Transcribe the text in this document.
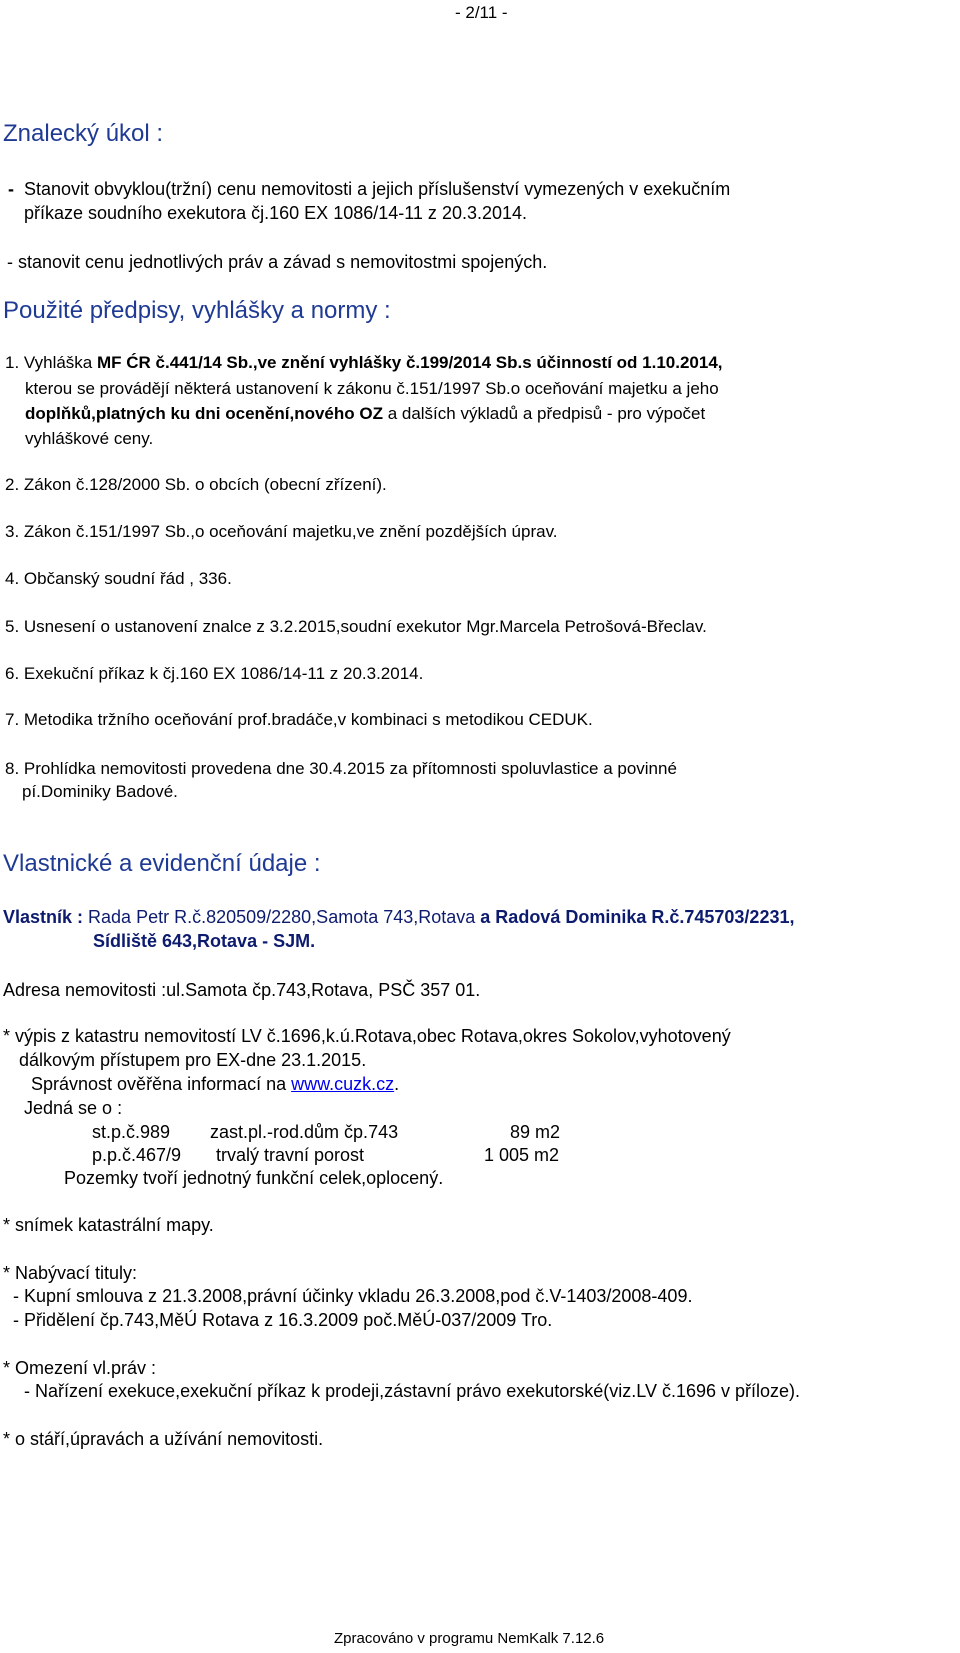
- 2/11 -
Znalecký úkol :
- Stanovit obvyklou(tržní) cenu nemovitosti a jejich příslušenství vymezených v exekučním
příkaze soudního exekutora čj.160 EX 1086/14-11 z 20.3.2014.
- stanovit cenu jednotlivých práv a závad s nemovitostmi spojených.
Použité předpisy, vyhlášky a normy :
1. Vyhláška MF ĆR č.441/14 Sb.,ve znění vyhlášky č.199/2014 Sb.s účinností od 1.10.2014,
kterou se provádějí některá ustanovení k zákonu č.151/1997 Sb.o oceňování majetku a jeho
doplňků,platných ku dni ocenění,nového OZ a dalších výkladů a předpisů - pro výpočet
vyhláškové ceny.
2. Zákon č.128/2000 Sb. o obcích (obecní zřízení).
3. Zákon č.151/1997 Sb.,o oceňování majetku,ve znění pozdějších úprav.
4. Občanský soudní řád , 336.
5. Usnesení o ustanovení znalce z 3.2.2015,soudní exekutor Mgr.Marcela Petrošová-Břeclav.
6. Exekuční příkaz k čj.160 EX 1086/14-11 z 20.3.2014.
7. Metodika tržního oceňování prof.bradáče,v kombinaci s metodikou CEDUK.
8. Prohlídka nemovitosti provedena dne 30.4.2015 za přítomnosti spoluvlastice a povinné
pí.Dominiky Badové.
Vlastnické a evidenční údaje :
Vlastník : Rada Petr R.č.820509/2280,Samota 743,Rotava a Radová Dominika R.č.745703/2231,
Sídliště 643,Rotava - SJM.
Adresa nemovitosti :ul.Samota čp.743,Rotava, PSČ 357 01.
* výpis z katastru nemovitostí LV č.1696,k.ú.Rotava,obec Rotava,okres Sokolov,vyhotovený
dálkovým přístupem pro EX-dne 23.1.2015.
Správnost ověřěna informací na www.cuzk.cz.
Jedná se o :
st.p.č.989 zast.pl.-rod.dům čp.743	89 m2
p.p.č.467/9 trvalý travní porost	1 005 m2
Pozemky tvoří jednotný funkční celek,oplocený.
* snímek katastrální mapy.
* Nabývací tituly:
- Kupní smlouva z 21.3.2008,právní účinky vkladu 26.3.2008,pod č.V-1403/2008-409.
- Přidělení čp.743,MěÚ Rotava z 16.3.2009 poč.MěÚ-037/2009 Tro.
* Omezení vl.práv :
- Nařízení exekuce,exekuční příkaz k prodeji,zástavní právo exekutorské(viz.LV č.1696 v příloze).
* o stáří,úpravách a užívání nemovitosti.
Zpracováno v programu NemKalk 7.12.6
